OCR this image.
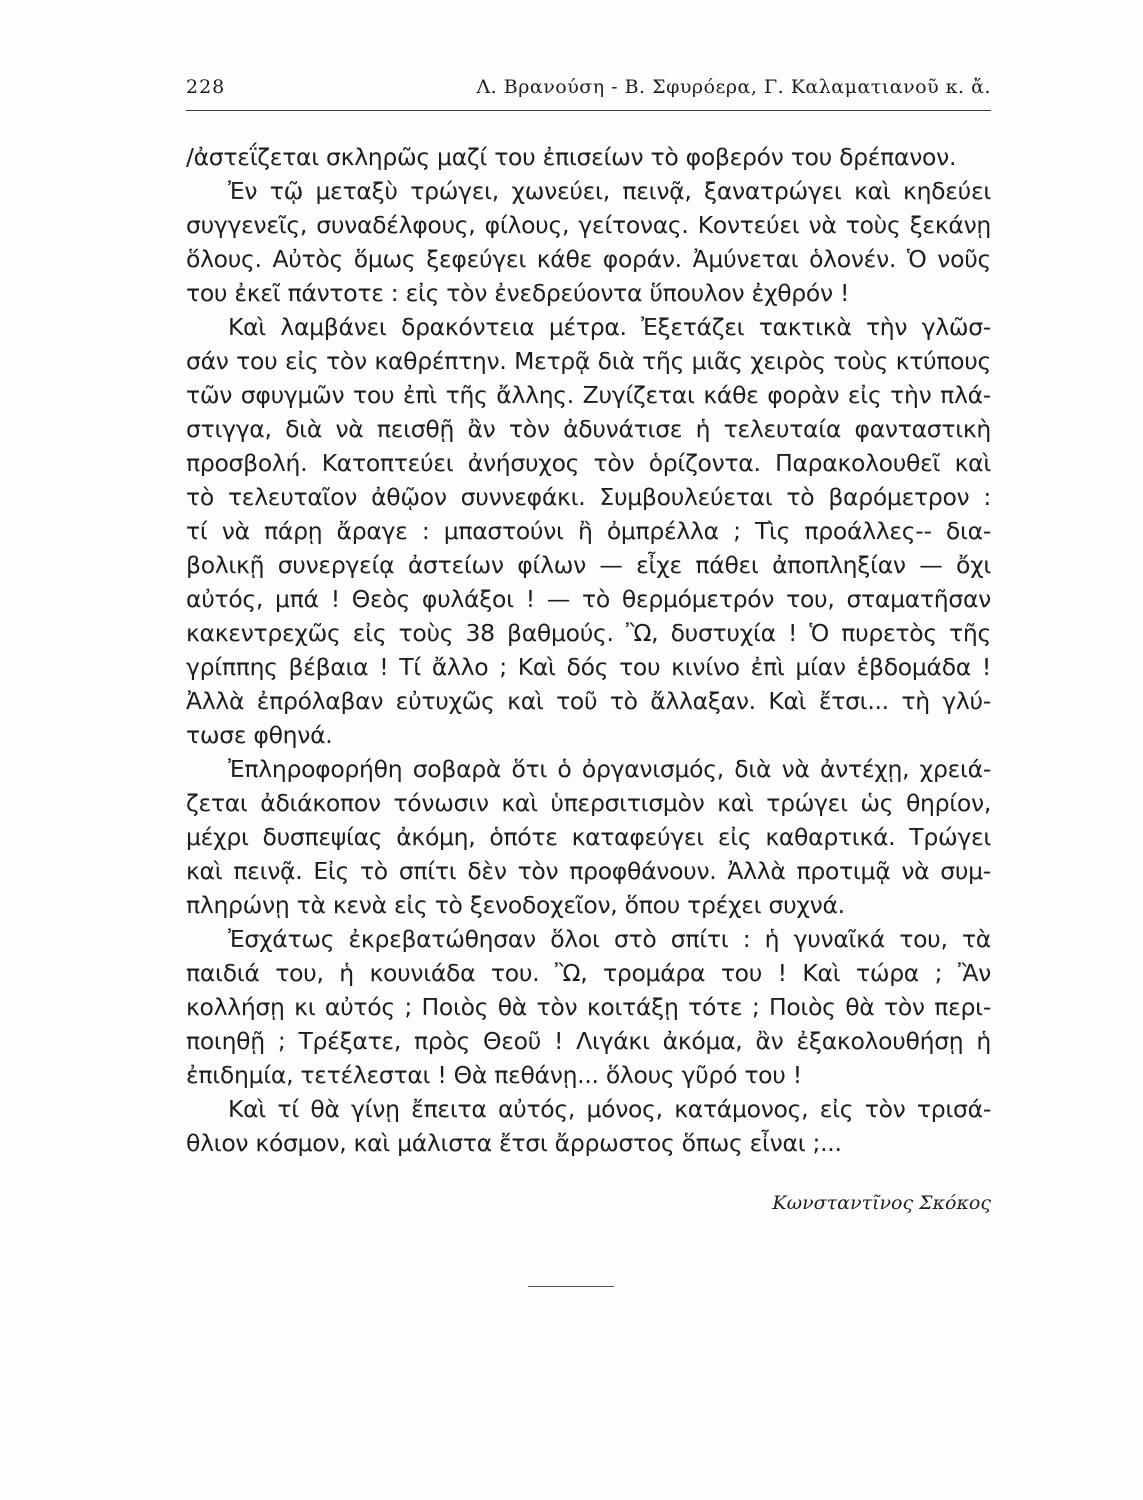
228	Λ. Βρανούση - Β. Σφυρόερα, Γ. Καλαματιανοῦ κ. ἄ.
/ἀστεΐζεται σκληρῶς μαζί του ἐπισείων τὸ φοβερόν του δρέπανον.
Ἐν τῷ μεταξὺ τρώγει, χωνεύει, πεινᾷ, ξανατρώγει καὶ κηδεύει
συγγενεῖς, συναδέλφους, φίλους, γείτονας. Κοντεύει νὰ τοὺς ξεκάνῃ
ὅλους. Αὐτὸς ὅμως ξεφεύγει κάθε φοράν. Ἀμύνεται ὁλονέν. Ὁ νοῦς
του ἐκεῖ πάντοτε : εἰς τὸν ἐνεδρεύοντα ὕπουλον ἐχθρόν !
Καὶ λαμβάνει δρακόντεια μέτρα. Ἐξετάζει τακτικὰ τὴν γλῶσ-
σάν του εἰς τὸν καθρέπτην. Μετρᾷ διὰ τῆς μιᾶς χειρὸς τοὺς κτύπους
τῶν σφυγμῶν του ἐπὶ τῆς ἄλλης. Ζυγίζεται κάθε φορὰν εἰς τὴν πλά-
στιγγα, διὰ νὰ πεισθῇ ἂν τὸν ἀδυνάτισε ἡ τελευταία φανταστικὴ
προσβολή. Κατοπτεύει ἀνήσυχος τὸν ὁρίζοντα. Παρακολουθεῖ καὶ
τὸ τελευταῖον ἀθῷον συννεφάκι. Συμβουλεύεται τὸ βαρόμετρον :
τί νὰ πάρῃ ἄραγε : μπαστούνι ἢ ὀμπρέλλα ; Τὶς προάλλες-- δια-
βολικῇ συνεργείᾳ ἀστείων φίλων — εἶχε πάθει ἀποπληξίαν — ὄχι
αὐτός, μπά ! Θεὸς φυλάξοι ! — τὸ θερμόμετρόν του, σταματῆσαν
κακεντρεχῶς εἰς τοὺς 38 βαθμούς. Ὢ, δυστυχία ! Ὁ πυρετὸς τῆς
γρίππης βέβαια ! Τί ἄλλο ; Καὶ δός του κινίνο ἐπὶ μίαν ἑβδομάδα !
Ἀλλὰ ἐπρόλαβαν εὐτυχῶς καὶ τοῦ τὸ ἄλλαξαν. Καὶ ἔτσι... τὴ γλύ-
τωσε φθηνά.
Ἐπληροφορήθη σοβαρὰ ὅτι ὁ ὀργανισμός, διὰ νὰ ἀντέχῃ, χρειά-
ζεται ἀδιάκοπον τόνωσιν καὶ ὑπερσιτισμὸν καὶ τρώγει ὡς θηρίον,
μέχρι δυσπεψίας ἀκόμη, ὁπότε καταφεύγει εἰς καθαρτικά. Τρώγει
καὶ πεινᾷ. Εἰς τὸ σπίτι δὲν τὸν προφθάνουν. Ἀλλὰ προτιμᾷ νὰ συμ-
πληρώνῃ τὰ κενὰ εἰς τὸ ξενοδοχεῖον, ὅπου τρέχει συχνά.
Ἐσχάτως ἐκρεβατώθησαν ὅλοι στὸ σπίτι : ἡ γυναῖκά του, τὰ
παιδιά του, ἡ κουνιάδα του. Ὢ, τρομάρα του ! Καὶ τώρα ; Ἂν
κολλήσῃ κι αὐτός ; Ποιὸς θὰ τὸν κοιτάξῃ τότε ; Ποιὸς θὰ τὸν περι-
ποιηθῇ ; Τρέξατε, πρὸς Θεοῦ ! Λιγάκι ἀκόμα, ἂν ἐξακολουθήσῃ ἡ
ἐπιδημία, τετέλεσται ! Θὰ πεθάνῃ... ὅλους γῦρό του !
Καὶ τί θὰ γίνῃ ἔπειτα αὐτός, μόνος, κατάμονος, εἰς τὸν τρισά-
θλιον κόσμον, καὶ μάλιστα ἔτσι ἄρρωστος ὅπως εἶναι ;...
Κωνσταντῖνος Σκόκος
